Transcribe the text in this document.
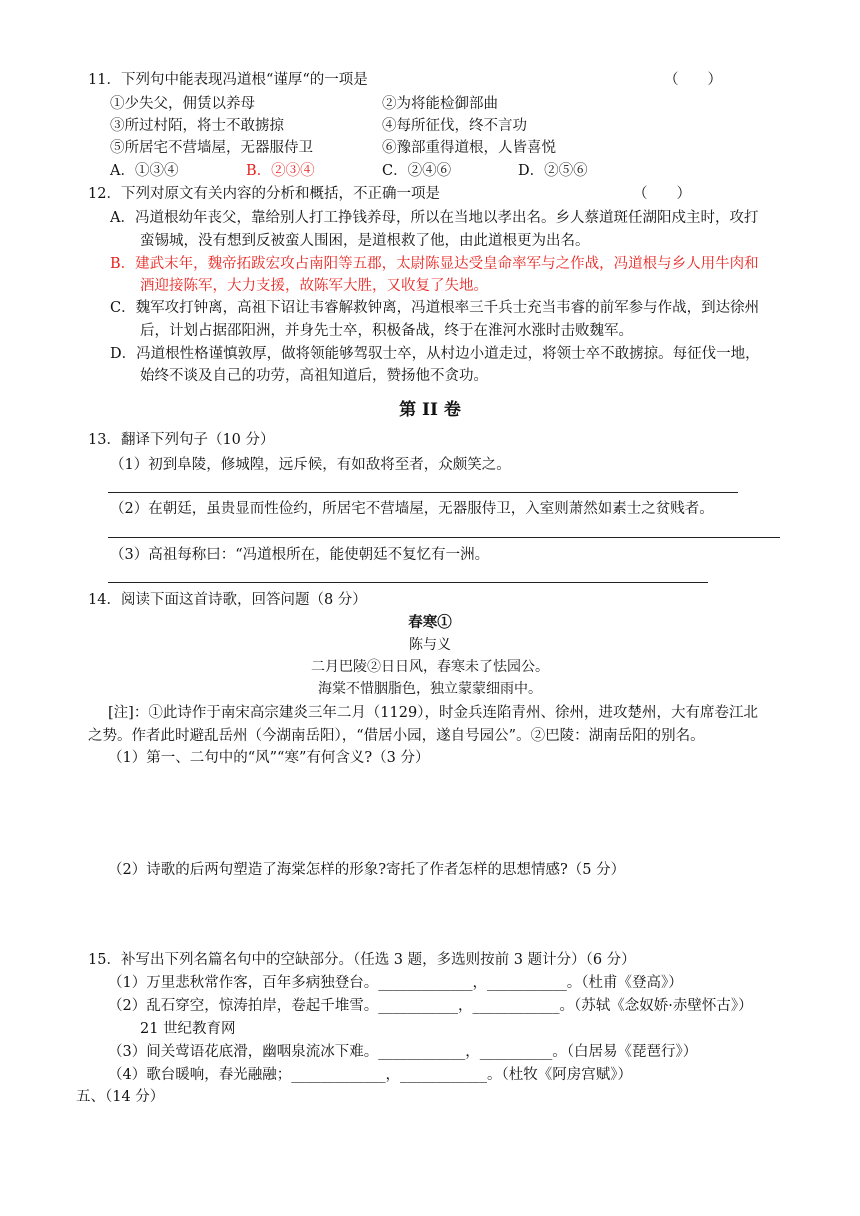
11．下列句中能表现冯道根“谨厚“的一项是	（　　）
①少失父，佣赁以养母	②为将能检御部曲
③所过村陌，将士不敢掳掠	④每所征伐，终不言功
⑤所居宅不营墙屋，无器服侍卫	⑥豫部重得道根，人皆喜悦
A．①③④	B．②③④	C．②④⑥	D．②⑤⑥
12．下列对原文有关内容的分析和概括，不正确一项是	（　　）
A．冯道根幼年丧父，靠给别人打工挣钱养母，所以在当地以孝出名。乡人蔡道斑任湖阳戍主时，攻打
蛮锡城，没有想到反被蛮人围困，是道根救了他，由此道根更为出名。
B．建武末年，魏帝拓跋宏攻占南阳等五郡，太尉陈显达受皇命率军与之作战，冯道根与乡人用牛肉和
酒迎接陈军，大力支援，故陈军大胜，又收复了失地。
C．魏军攻打钟离，高祖下诏让韦睿解救钟离，冯道根率三千兵士充当韦睿的前军参与作战，到达徐州
后，计划占据邵阳洲，并身先士卒，积极备战，终于在淮河水涨时击败魏军。
D．冯道根性格谨慎敦厚，做将领能够驾驭士卒，从村边小道走过，将领士卒不敢掳掠。每征伐一地，
始终不谈及自己的功劳，高祖知道后，赞扬他不贪功。
第 II 卷
13．翻译下列句子（10 分）
（1）初到阜陵，修城隍，远斥候，有如敌将至者，众颇笑之。
（2）在朝廷，虽贵显而性俭约，所居宅不营墙屋，无器服侍卫，入室则萧然如素士之贫贱者。
（3）高祖每称曰：“冯道根所在，能使朝廷不复忆有一洲。
14．阅读下面这首诗歌，回答问题（8 分）
春寒①
陈与义
二月巴陵②日日风，春寒未了怯园公。
海棠不惜胭脂色，独立蒙蒙细雨中。
[注]：①此诗作于南宋高宗建炎三年二月（1129），时金兵连陷青州、徐州，进攻楚州，大有席卷江北
之势。作者此时避乱岳州（今湖南岳阳），“借居小园，遂自号园公”。②巴陵：湖南岳阳的别名。
（1）第一、二句中的“风”“寒”有何含义?（3 分）
（2）诗歌的后两句塑造了海棠怎样的形象?寄托了作者怎样的思想情感?（5 分）
15．补写出下列名篇名句中的空缺部分。（任选 3 题，多选则按前 3 题计分）（6 分）
（1）万里悲秋常作客，百年多病独登台。_____________，___________。（杜甫《登高》）
（2）乱石穿空，惊涛拍岸，卷起千堆雪。___________，____________。（苏轼《念奴娇·赤壁怀古》）
21 世纪教育网
（3）间关莺语花底滑，幽咽泉流冰下难。____________，__________。（白居易《琵琶行》）
（4）歌台暖响，春光融融；_____________，____________。（杜牧《阿房宫赋》）
五、（14 分）
